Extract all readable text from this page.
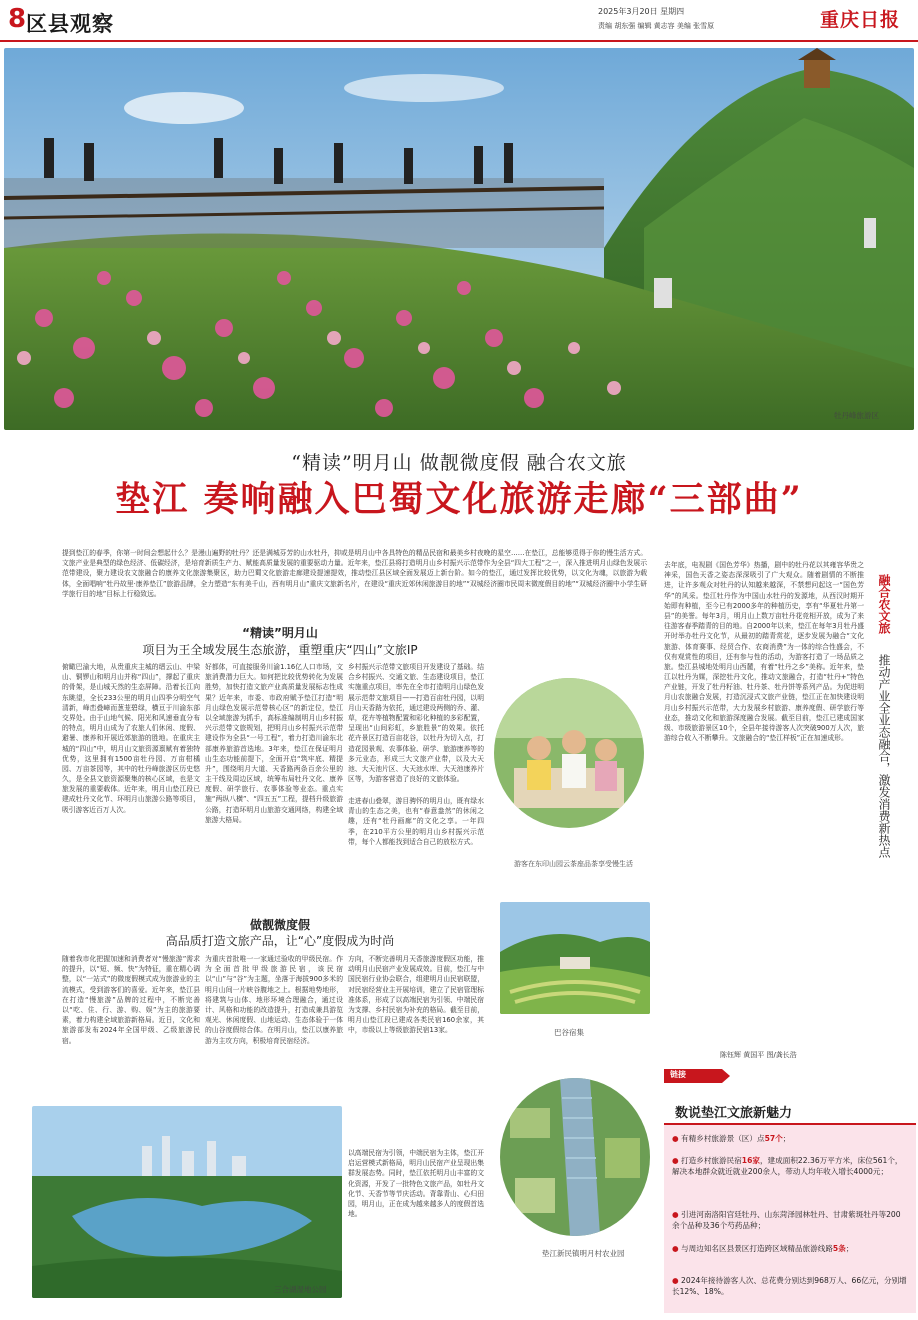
8 区县观察
2025年3月20日 星期四
责编 胡东强 编辑 黄志容 美编 张雪原	重庆日报
牡丹峰旅游区
“精读”明月山 做靓微度假 融合农文旅
垫江 奏响融入巴蜀文化旅游走廊“三部曲”
提到垫江的春季，你第一时间会想起什么？是漫山遍野的牡丹？还是满城芬芳的山水牡丹，抑或是明月山中各具特色的精品民宿和最美乡村夜晚的星空……在垫江，总能够觅得于你的慢生活方式。文旅产业是典型的绿色经济、低碳经济，是培育新质生产力、赋能高质量发展的重要驱动力量。近年来，垫江县将打造明月山乡村振兴示范带作为全县“四大工程”之一，深入推进明月山绿色发展示范带建设，聚力建设农文旅融合的康养文化旅游集聚区，助力巴蜀文化旅游走廊建设提速提效，推动垫江县区域全面发展迈上新台阶。如今的垫江，通过发挥比较优势，以文化为魂，以旅游为载体，全面唱响“牡丹故里·康养垫江”旅游品牌，全力塑造“东有美千山，西有明月山”重庆文旅新名片，在建设“重庆近郊休闲旅游目的地”“双城经济圈市民周末微度假目的地”“双城经济圈中小学生研学旅行目的地”目标上行稳致远。
“精读”明月山
项目为王全域发展生态旅游，重塑重庆“四山”文旅IP
俯瞰巴渝大地，从贵重庆主城的缙云山、中梁山、铜锣山和明月山并称“四山”，撑起了重庆的骨架，是山城天然的生态屏障。沿着长江向东眺望，全长233公里的明月山四季分明空气清新，峰峦叠嶂而葱茏碧绿，横亘于川渝东部交界处。由于山地气候、阳光和风速垂直分布的特点，明月山成为了农旅人们休闲、度假、避暑、康养和开展近郊旅游的胜地。在重庆主城的“四山”中，明月山文旅资源禀赋有着独特优势，这里拥有1500亩牡丹园、万亩柑橘园、万亩茶园等，其中的牡丹峰旅游区历史悠久，是全县文旅资源聚集的核心区域，也是文旅发展的重要载体。近年来，明月山垫江段已建成牡丹文化节、环明月山旅游公路等项目，吸引游客近百万人次。
好都体，可直接服务川渝1.16亿人口市场，文旅消费潜力巨大。如何把比较优势转化为发展胜势，加快打造文旅产业高质量发展标志性成果？近年来，市委、市政府赋予垫江打造“明月山绿色发展示范带核心区”的新定位，垫江以全域旅游为抓手，高标准编制明月山乡村振兴示范带文旅规划，把明月山乡村振兴示范带建设作为全县“一号工程”，着力打造川渝东北部康养旅游首选地。3年来，垫江在保证明月山生态功能前提下，全面开启“筑牢底、精提升”，围绕明月大道、天香路两条百余公里的主干线及周边区域，统筹布局牡丹文化、康养度假、研学旅行、农事体验等业态。重点实施“两纵八横”、“四五五”工程，提档升级旅游公路，打造环明月山旅游交通网络，构建全域旅游大格局。
乡村振兴示范带文旅项目开发建设了基础。结合乡村振兴、交通文旅、生态建设项目，垫江实施重点项目，率先在全市打造明月山绿色发展示范带文旅项目——打造百亩牡丹园，以明月山天香路为依托，通过建设两侧的乔、灌、草，花卉等植物配置和彩化种植的多彩配置，呈现出“山间彩虹，乡旅胜景”的效果。依托花卉景区打造百亩花谷，以牡丹为切入点，打造花园景观、农事体验、研学、旅游康养等的多元业态，形成三大文旅产业带，以及大天池、大天池片区、大天池水库、大天池康养片区等，为游客营造了良好的文旅体验。
走进春山叠翠，游目骋怀的明月山，既有绿水青山的生态之美，也有“春意盎然”的休闲之趣，还有“牡丹画廊”的文化之享。一年四季，在210平方公里的明月山乡村振兴示范带，每个人都能找到适合自己的放松方式。
游客在东印山园云茶座品茶享受慢生活
做靓微度假
高品质打造文旅产品，让“心”度假成为时尚
随着我市化把握加速和消费者对“慢旅游”需求的提升，以“短、频、快”为特征，重在精心调整，以“一站式”的微度假模式成为旅游业的主流模式，受到游客们的喜爱。近年来，垫江县在打造“慢旅游”品牌的过程中，不断完善以“吃、住、行、游、购、娱”为主的旅游要素，着力构建全域旅游新格局。近日，文化和旅游部发布2024年全国甲级、乙级旅游民宿。
为重庆首批唯一一家通过验收的甲级民宿。作为全面首批甲级旅游民宿，该民宿以“山”与“谷”为主题，坐落于海拔900多米的明月山间一片峡谷腹地之上。根据地势地形，将建筑与山体、地形环境合理融合，通过设计、风格和功能的改造提升，打造成兼具游览观光、休闲度假、山地运动、生态体验于一体的山谷度假综合体。在明月山，垫江以康养旅游为主攻方向，积极培育民宿经济。
方向，不断完善明月天香旅游度假区功能，推动明月山民宿产业发展成效。目前，垫江与中国民宿行业协会联合，组建明月山民宿联盟，对民宿经营业主开展培训，建立了民宿管理标准体系，形成了以高端民宿为引领、中端民宿为支撑、乡村民宿为补充的格局。截至目前，明月山垫江段已建成各类民宿160余家，其中，市级以上等级旅游民宿13家。
以高端民宿为引领，中端民宿为主体，垫江开启运营模式新格局，明月山民宿产业呈现出集群发展态势。同时，垫江依托明月山丰富的文化资源，开发了一批特色文旅产品，如牡丹文化节、天香节等节庆活动。背靠青山、心归田园，明月山，正在成为越来越多人的度假首选地。
巴谷宿集
三合湖湿地公园
垫江新民镇明月村农业园
去年底，电视剧《国色芳华》热播，剧中的牡丹花以其雍容华贵之神采，国色天香之姿态深深吸引了广大观众。随着剧情的不断推进，让许多观众对牡丹的认知越来越深，不禁想问起这一“国色芳华”的风采。垫江牡丹作为中国山水牡丹的发源地，从西汉时期开始即有种植，至今已有2000多年的种植历史，享有“华夏牡丹第一县”的美誉。每年3月，明月山上数万亩牡丹花竞相开放，成为了来往游客春季踏青的目的地。自2000年以来，垫江在每年3月牡丹盛开时举办牡丹文化节，从最初的踏青赏花，逐步发展为融合“文化旅游、体育赛事、经贸合作、农商消费”为一体的综合性盛会，不仅有观赏性的项目，还有参与性的活动，为游客打造了一场品质之旅。垫江县城地处明月山西麓，有着“牡丹之乡”美称。近年来，垫江以牡丹为媒，深挖牡丹文化，推动文旅融合，打造“牡丹+”特色产业链，开发了牡丹籽油、牡丹茶、牡丹饼等系列产品。为促进明月山农旅融合发展，打造沉浸式文旅产业链，垫江正在加快建设明月山乡村振兴示范带，大力发展乡村旅游、康养度假、研学旅行等业态，推动文化和旅游深度融合发展。截至目前，垫江已建成国家级、市级旅游景区10个，全县年接待游客人次突破900万人次，旅游综合收入不断攀升。文旅融合的“垫江样板”正在加速成形。
陈钰辉 黄国平 图/龚长浩
融合农文旅
推动产业全业态融合，激发消费新热点
链接
数说垫江文旅新魅力
● 有精乡村旅游景（区）点57个；
● 打造乡村旅游民宿16家，建成面积22.36万平方米，床位561个，解决本地群众就近就业200余人，带动人均年收入增长4000元；
● 引进河南洛阳宫廷牡丹、山东菏泽园林牡丹、甘肃紫斑牡丹等200余个品种及36个芍药品种；
● 与周边知名区县景区打造跨区域精品旅游线路5条；
● 2024年接待游客人次、总花费分别达到968万人、66亿元，分别增长12%、18%。
